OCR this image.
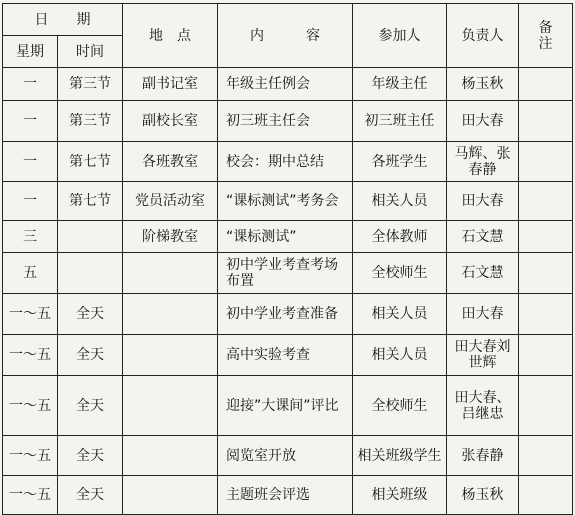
日　　期		地　点	内　　　容	参加人	负责人	备注
星期	时间					
一	第三节	副书记室	年级主任例会	年级主任	杨玉秋	
一	第三节	副校长室	初三班主任会	初三班主任	田大春	
一	第七节	各班教室	校会：期中总结	各班学生	马辉、张春静	
一	第七节	党员活动室	“课标测试”考务会	相关人员	田大春	
三		阶梯教室	“课标测试”	全体教师	石文慧	
五			初中学业考查考场布置	全校师生	石文慧	
一～五	全天		初中学业考查准备	相关人员	田大春	
一～五	全天		高中实验考查	相关人员	田大春刘世辉	
一～五	全天		迎接”大课间”评比	全校师生	田大春、吕继忠	
一～五	全天		阅览室开放	相关班级学生	张春静	
一～五	全天		主题班会评选	相关班级	杨玉秋	
